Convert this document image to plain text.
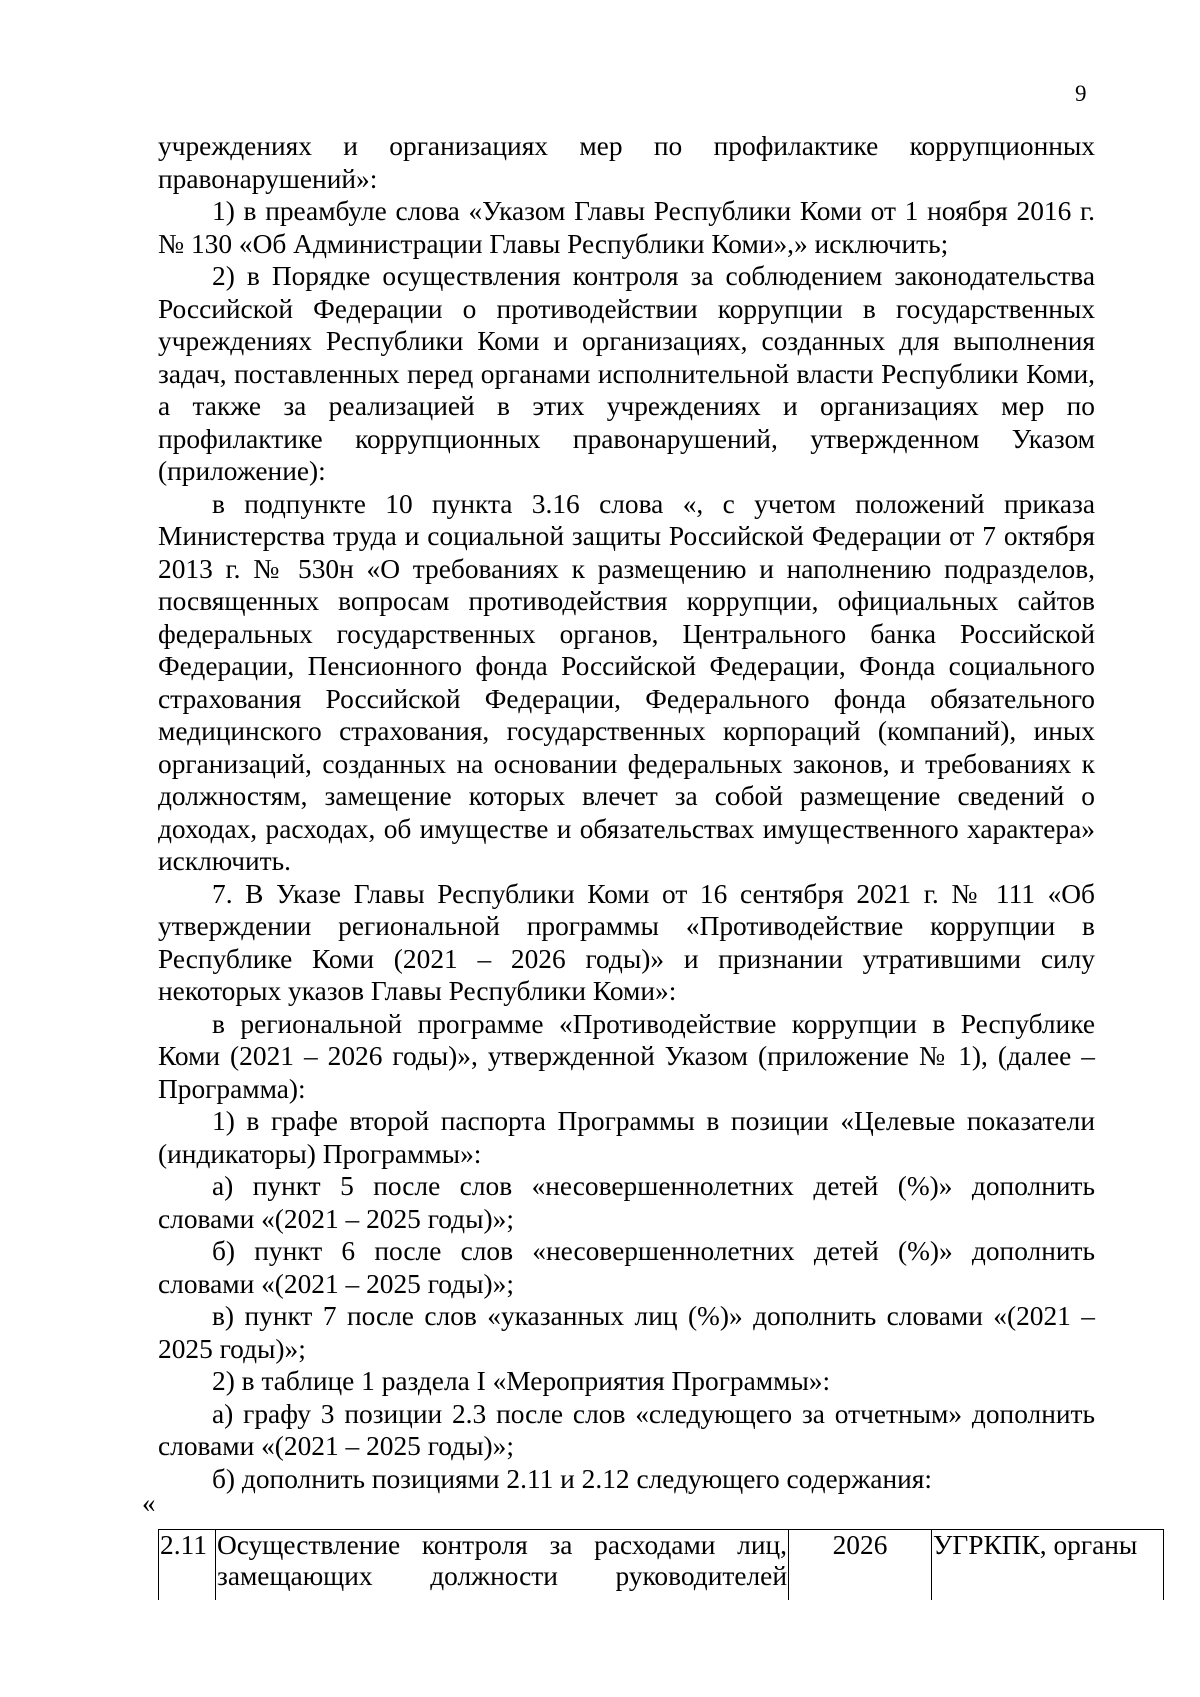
9

учреждениях и организациях мер по профилактике коррупционных правонарушений»:

1) в преамбуле слова «Указом Главы Республики Коми от 1 ноября 2016 г. № 130 «Об Администрации Главы Республики Коми»,» исключить;

2) в Порядке осуществления контроля за соблюдением законодательства Российской Федерации о противодействии коррупции в государственных учреждениях Республики Коми и организациях, созданных для выполнения задач, поставленных перед органами исполнительной власти Республики Коми, а также за реализацией в этих учреждениях и организациях мер по профилактике коррупционных правонарушений, утвержденном Указом (приложение):

в подпункте 10 пункта 3.16 слова «, с учетом положений приказа Министерства труда и социальной защиты Российской Федерации от 7 октября 2013 г. № 530н «О требованиях к размещению и наполнению подразделов, посвященных вопросам противодействия коррупции, официальных сайтов федеральных государственных органов, Центрального банка Российской Федерации, Пенсионного фонда Российской Федерации, Фонда социального страхования Российской Федерации, Федерального фонда обязательного медицинского страхования, государственных корпораций (компаний), иных организаций, созданных на основании федеральных законов, и требованиях к должностям, замещение которых влечет за собой размещение сведений о доходах, расходах, об имуществе и обязательствах имущественного характера» исключить.

7. В Указе Главы Республики Коми от 16 сентября 2021 г. № 111 «Об утверждении региональной программы «Противодействие коррупции в Республике Коми (2021 – 2026 годы)» и признании утратившими силу некоторых указов Главы Республики Коми»:

в региональной программе «Противодействие коррупции в Республике Коми (2021 – 2026 годы)», утвержденной Указом (приложение № 1), (далее – Программа):

1) в графе второй паспорта Программы в позиции «Целевые показатели (индикаторы) Программы»:

а) пункт 5 после слов «несовершеннолетних детей (%)» дополнить словами «(2021 – 2025 годы)»;

б) пункт 6 после слов «несовершеннолетних детей (%)» дополнить словами «(2021 – 2025 годы)»;

в) пункт 7 после слов «указанных лиц (%)» дополнить словами «(2021 – 2025 годы)»;

2) в таблице 1 раздела I «Мероприятия Программы»:

а) графу 3 позиции 2.3 после слов «следующего за отчетным» дополнить словами «(2021 – 2025 годы)»;

б) дополнить позициями 2.11 и 2.12 следующего содержания:

«
2.11	Осуществление контроля за расходами лиц, замещающих должности руководителей	2026	УГРКПК, органы
